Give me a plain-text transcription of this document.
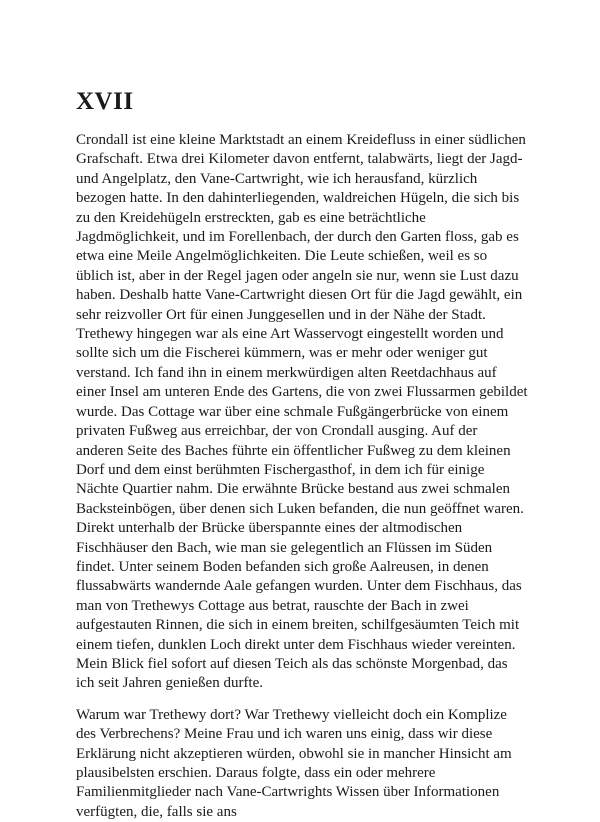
XVII

Crondall ist eine kleine Marktstadt an einem Kreidefluss in einer südlichen Grafschaft. Etwa drei Kilometer davon entfernt, talabwärts, liegt der Jagd- und Angelplatz, den Vane-Cartwright, wie ich herausfand, kürzlich bezogen hatte. In den dahinterliegenden, waldreichen Hügeln, die sich bis zu den Kreidehügeln erstreckten, gab es eine beträchtliche Jagdmöglichkeit, und im Forellenbach, der durch den Garten floss, gab es etwa eine Meile Angelmöglichkeiten. Die Leute schießen, weil es so üblich ist, aber in der Regel jagen oder angeln sie nur, wenn sie Lust dazu haben. Deshalb hatte Vane-Cartwright diesen Ort für die Jagd gewählt, ein sehr reizvoller Ort für einen Junggesellen und in der Nähe der Stadt. Trethewy hingegen war als eine Art Wasservogt eingestellt worden und sollte sich um die Fischerei kümmern, was er mehr oder weniger gut verstand. Ich fand ihn in einem merkwürdigen alten Reetdachhaus auf einer Insel am unteren Ende des Gartens, die von zwei Flussarmen gebildet wurde. Das Cottage war über eine schmale Fußgängerbrücke von einem privaten Fußweg aus erreichbar, der von Crondall ausging. Auf der anderen Seite des Baches führte ein öffentlicher Fußweg zu dem kleinen Dorf und dem einst berühmten Fischergasthof, in dem ich für einige Nächte Quartier nahm. Die erwähnte Brücke bestand aus zwei schmalen Backsteinbögen, über denen sich Luken befanden, die nun geöffnet waren. Direkt unterhalb der Brücke überspannte eines der altmodischen Fischhäuser den Bach, wie man sie gelegentlich an Flüssen im Süden findet. Unter seinem Boden befanden sich große Aalreusen, in denen flussabwärts wandernde Aale gefangen wurden. Unter dem Fischhaus, das man von Trethewys Cottage aus betrat, rauschte der Bach in zwei aufgestauten Rinnen, die sich in einem breiten, schilfgesäumten Teich mit einem tiefen, dunklen Loch direkt unter dem Fischhaus wieder vereinten. Mein Blick fiel sofort auf diesen Teich als das schönste Morgenbad, das ich seit Jahren genießen durfte.

Warum war Trethewy dort? War Trethewy vielleicht doch ein Komplize des Verbrechens? Meine Frau und ich waren uns einig, dass wir diese Erklärung nicht akzeptieren würden, obwohl sie in mancher Hinsicht am plausibelsten erschien. Daraus folgte, dass ein oder mehrere Familienmitglieder nach Vane-Cartwrights Wissen über Informationen verfügten, die, falls sie ans
